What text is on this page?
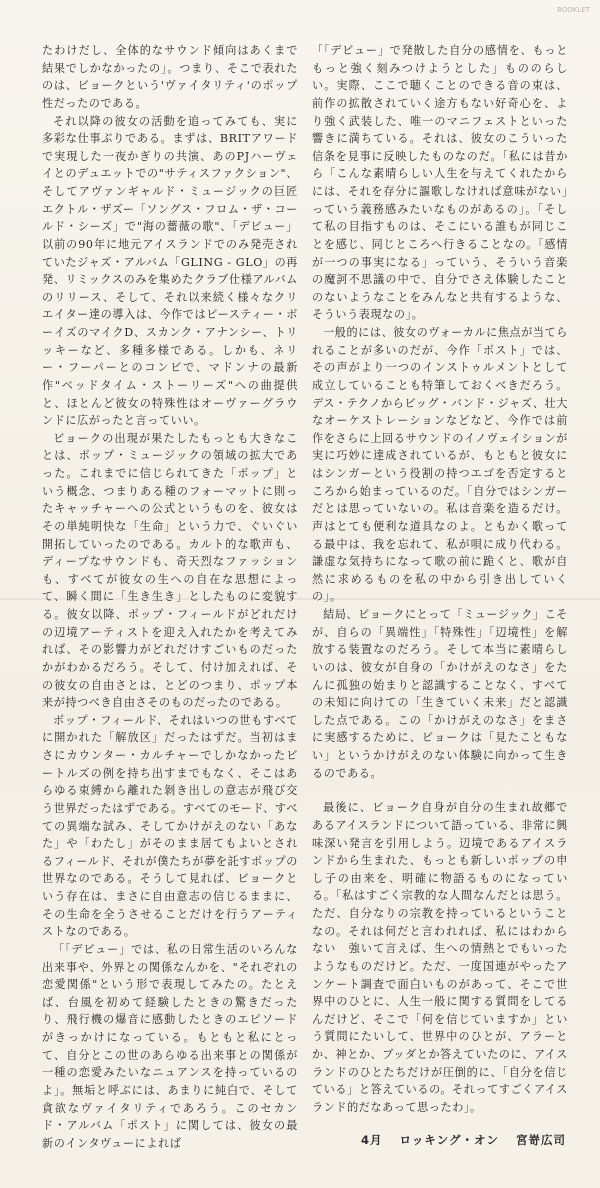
BOOKLET

たわけだし、全体的なサウンド傾向はあくまで結果でしかなかったの」。つまり、そこで表れたのは、ビョークという'ヴァイタリティ'のポップ性だったのである。

それ以降の彼女の活動を追ってみても、実に多彩な仕事ぶりである。まずは、BRITアワードで実現した一夜かぎりの共演、あのPJハーヴェイとのデュエットでの"サティスファクション"、そしてアヴァンギャルド・ミュージックの巨匠エクトル・ザズー「ソングス・フロム・ザ・コールド・シーズ」で"海の薔薇の歌"、「デビュー」以前の90年に地元アイスランドでのみ発売されていたジャズ・アルバム「GLING - GLO」の再発、リミックスのみを集めたクラブ仕様アルバムのリリース、そして、それ以来続く様々なクリエイター達の導入は、今作ではビースティー・ボーイズのマイクD、スカンク・アナンシー、トリッキーなど、多種多様である。しかも、ネリー・フーパーとのコンビで、マドンナの最新作"ベッドタイム・ストーリーズ"への曲提供と、ほとんど彼女の特殊性はオーヴァーグラウンドに広がったと言っていい。

ビョークの出現が果たしたもっとも大きなことは、ポップ・ミュージックの領域の拡大であった。これまでに信じられてきた「ポップ」という概念、つまりある種のフォーマットに則ったキャッチャーへの公式というものを、彼女はその単純明快な「生命」という力で、ぐいぐい開拓していったのである。カルト的な歌声も、ディープなサウンドも、奇天烈なファッションも、すべてが彼女の生への自在な思想によって、瞬く間に「生き生き」としたものに変貌する。彼女以降、ポップ・フィールドがどれだけの辺境アーティストを迎え入れたかを考えてみれば、その影響力がどれだけすごいものだったかがわかるだろう。そして、付け加えれば、その彼女の自由さとは、とどのつまり、ポップ本来が持つべき自由さそのものだったのである。

ポップ・フィールド、それはいつの世もすべてに開かれた「解放区」だったはずだ。当初はまさにカウンター・カルチャーでしかなかったビートルズの例を持ち出すまでもなく、そこはあらゆる束縛から離れた剝き出しの意志が飛び交う世界だったはずである。すべてのモード、すべての異端な試み、そしてかけがえのない「あなた」や「わたし」がそのまま居てもよいとされるフィールド、それが僕たちが夢を託すポップの世界なのである。そうして見れば、ビョークという存在は、まさに自由意志の信じるままに、その生命を全うさせることだけを行うアーティストなのである。

「「デビュー」では、私の日常生活のいろんな出来事や、外界との関係なんかを、"それぞれの恋愛関係"という形で表現してみたの。たとえば、台風を初めて経験したときの驚きだったり、飛行機の爆音に感動したときのエピソードがきっかけになっている。もともと私にとって、自分とこの世のあらゆる出来事との関係が一種の恋愛みたいなニュアンスを持っているのよ」。無垢と呼ぶには、あまりに純白で、そして貪欲なヴァイタリティであろう。このセカンド・アルバム「ポスト」に関しては、彼女の最新のインタヴューによれば

「「デビュー」で発散した自分の感情を、もっともっと強く刻みつけようとした」もののらしい。実際、ここで聴くことのできる音の束は、前作の拡散されていく途方もない好奇心を、より強く武装した、唯一のマニフェストといった響きに満ちている。それは、彼女のこういった信条を見事に反映したものなのだ。「私には昔から「こんな素晴らしい人生を与えてくれたからには、それを存分に謳歌しなければ意味がない」っていう義務感みたいなものがあるの」。「そして私の目指すものは、そこにいる誰もが同じことを感じ、同じところへ行きることなの。「感情が一つの事実になる」っていう、そういう音楽の魔訶不思議の中で、自分でさえ体験したことのないようなことをみんなと共有するような、そういう表現なの」。

一般的には、彼女のヴォーカルに焦点が当てられることが多いのだが、今作「ポスト」では、その声がより一つのインストゥルメントとして成立していることも特筆しておくべきだろう。デス・テクノからビッグ・バンド・ジャズ、壮大なオーケストレーションなどなど、今作では前作をさらに上回るサウンドのイノヴェイションが実に巧妙に達成されているが、もともと彼女にはシンガーという役割の持つエゴを否定するところから始まっているのだ。「自分ではシンガーだとは思っていないの。私は音楽を造るだけ。声はとても便利な道具なのよ。ともかく歌ってる最中は、我を忘れて、私が唄に成り代わる。謙虚な気持ちになって歌の前に跪くと、歌が自然に求めるものを私の中から引き出していくの」。

結局、ビョークにとって「ミュージック」こそが、自らの「異端性」「特殊性」「辺境性」を解放する装置なのだろう。そして本当に素晴らしいのは、彼女が自身の「かけがえのなさ」をたんに孤独の始まりと認識することなく、すべての未知に向けての「生きていく未来」だと認識した点である。この「かけがえのなさ」をまさに実感するために、ビョークは「見たこともない」というかけがえのない体験に向かって生きるのである。

最後に、ビョーク自身が自分の生まれ故郷であるアイスランドについて語っている、非常に興味深い発言を引用しよう。辺境であるアイスランドから生まれた、もっとも新しいポップの申し子の由来を、明確に物語るものになっている。「私はすごく宗教的な人間なんだとは思う。ただ、自分なりの宗教を持っているということなの。それは何だと言われれば、私にはわからない　強いて言えば、生への情熱とでもいったようなものだけど。ただ、一度国連がやったアンケート調査で面白いものがあって、そこで世界中のひとに、人生一般に関する質問をしてるんだけど、そこで「何を信じていますか」という質問にたいして、世界中のひとが、アラーとか、神とか、ブッダとか答えていたのに、アイスランドのひとたちだけが圧倒的に、「自分を信じている」と答えているの。それってすごくアイスランド的だなあって思ったわ」。

4月 ロッキング・オン 宮嵜広司
